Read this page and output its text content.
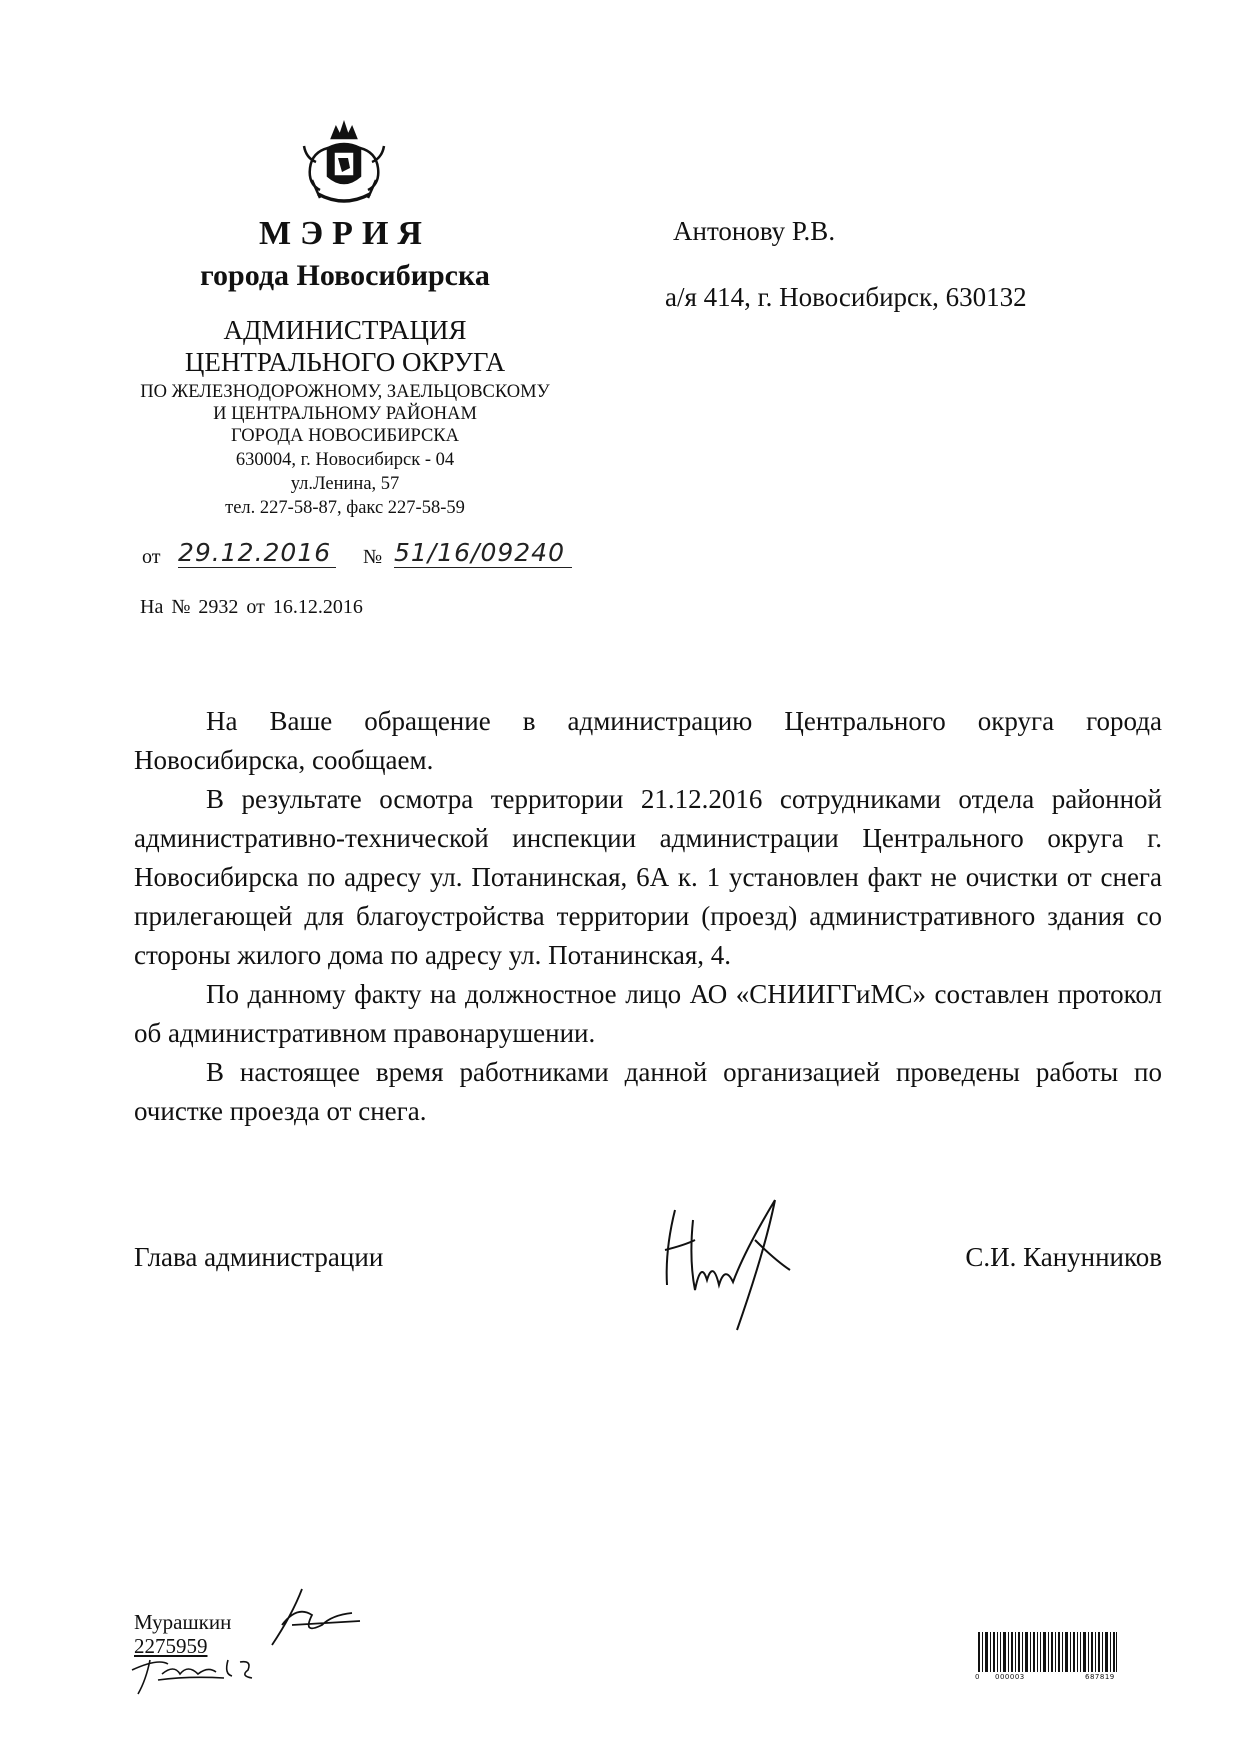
МЭРИЯ
города Новосибирска
АДМИНИСТРАЦИЯ
ЦЕНТРАЛЬНОГО ОКРУГА
ПО ЖЕЛЕЗНОДОРОЖНОМУ, ЗАЕЛЬЦОВСКОМУ
И ЦЕНТРАЛЬНОМУ РАЙОНАМ
ГОРОДА НОВОСИБИРСКА
630004, г. Новосибирск - 04
ул.Ленина, 57
тел. 227-58-87, факс 227-58-59
от 29.12.2016 № 51/16/09240
На № 2932 от 16.12.2016
Антонову Р.В.
а/я 414, г. Новосибирск, 630132

На Ваше обращение в администрацию Центрального округа города Новосибирска, сообщаем.

В результате осмотра территории 21.12.2016 сотрудниками отдела районной административно-технической инспекции администрации Центрального округа г. Новосибирска по адресу ул. Потанинская, 6А к. 1 установлен факт не очистки от снега прилегающей для благоустройства территории (проезд) административного здания со стороны жилого дома по адресу ул. Потанинская, 4.

По данному факту на должностное лицо АО «СНИИГГиМС» составлен протокол об административном правонарушении.

В настоящее время работниками данной организацией проведены работы по очистке проезда от снега.

Глава администрации	С.И. Канунников
Мурашкин
2275959
0 000003	687819
